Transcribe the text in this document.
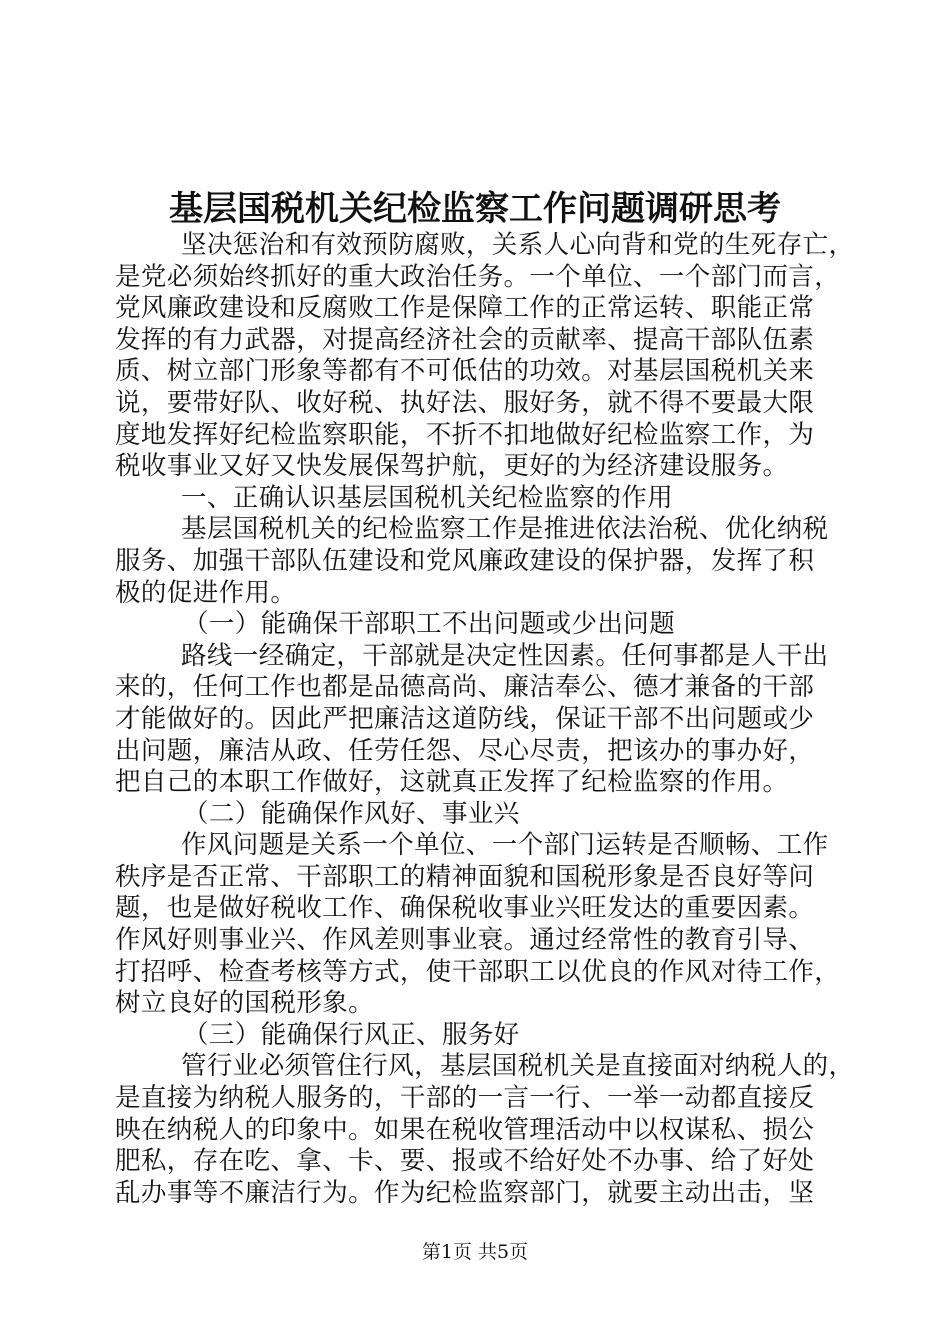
基层国税机关纪检监察工作问题调研思考
坚决惩治和有效预防腐败，关系人心向背和党的生死存亡，
是党必须始终抓好的重大政治任务。一个单位、一个部门而言，
党风廉政建设和反腐败工作是保障工作的正常运转、职能正常
发挥的有力武器，对提高经济社会的贡献率、提高干部队伍素
质、树立部门形象等都有不可低估的功效。对基层国税机关来
说，要带好队、收好税、执好法、服好务，就不得不要最大限
度地发挥好纪检监察职能，不折不扣地做好纪检监察工作，为
税收事业又好又快发展保驾护航，更好的为经济建设服务。
一、正确认识基层国税机关纪检监察的作用
基层国税机关的纪检监察工作是推进依法治税、优化纳税
服务、加强干部队伍建设和党风廉政建设的保护器，发挥了积
极的促进作用。
（一）能确保干部职工不出问题或少出问题
路线一经确定，干部就是决定性因素。任何事都是人干出
来的，任何工作也都是品德高尚、廉洁奉公、德才兼备的干部
才能做好的。因此严把廉洁这道防线，保证干部不出问题或少
出问题，廉洁从政、任劳任怨、尽心尽责，把该办的事办好，
把自己的本职工作做好，这就真正发挥了纪检监察的作用。
（二）能确保作风好、事业兴
作风问题是关系一个单位、一个部门运转是否顺畅、工作
秩序是否正常、干部职工的精神面貌和国税形象是否良好等问
题，也是做好税收工作、确保税收事业兴旺发达的重要因素。
作风好则事业兴、作风差则事业衰。通过经常性的教育引导、
打招呼、检查考核等方式，使干部职工以优良的作风对待工作，
树立良好的国税形象。
（三）能确保行风正、服务好
管行业必须管住行风，基层国税机关是直接面对纳税人的，
是直接为纳税人服务的，干部的一言一行、一举一动都直接反
映在纳税人的印象中。如果在税收管理活动中以权谋私、损公
肥私，存在吃、拿、卡、要、报或不给好处不办事、给了好处
乱办事等不廉洁行为。作为纪检监察部门，就要主动出击，坚
第1页 共5页
